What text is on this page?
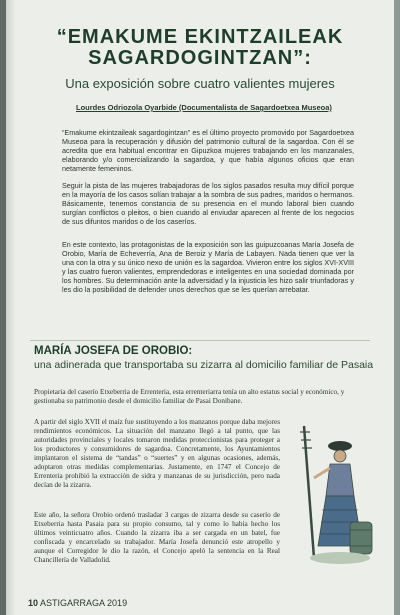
“EMAKUME EKINTZAILEAK
SAGARDOGINTZAN”:
Una exposición sobre cuatro valientes mujeres
Lourdes Odriozola Oyarbide (Documentalista de Sagardoetxea Museoa)
“Emakume ekintzaileak sagardogintzan” es el último proyecto promovido por Sagardoetxea Museoa para la recuperación y difusión del patrimonio cultural de la sagardoa. Con él se acredita que era habitual encontrar en Gipuzkoa mujeres trabajando en los manzanales, elaborando y/o comercializando la sagardoa, y que había algunos oficios que eran netamente femeninos.
Seguir la pista de las mujeres trabajadoras de los siglos pasados resulta muy difícil porque en la mayoría de los casos solían trabajar a la sombra de sus padres, maridos o hermanos. Básicamente, tenemos constancia de su presencia en el mundo laboral bien cuando surgían conflictos o pleitos, o bien cuando al enviudar aparecen al frente de los negocios de sus difuntos maridos o de los caseríos.
En este contexto, las protagonistas de la exposición son las guipuzcoanas María Josefa de Orobio, María de Echeverría, Ana de Beroiz y María de Labayen. Nada tienen que ver la una con la otra y su único nexo de unión es la sagardoa. Vivieron entre los siglos XVI-XVIII y las cuatro fueron valientes, emprendedoras e inteligentes en una sociedad dominada por los hombres. Su determinación ante la adversidad y la injusticia les hizo salir triunfadoras y les dio la posibilidad de defender unos derechos que se les querían arrebatar.
MARÍA JOSEFA DE OROBIO:
una adinerada que transportaba su zizarra al domicilio familiar de Pasaia
Propietaria del caserío Etxeberria de Errenteria, esta errenteriarra tenía un alto estatus social y económico, y gestionaba su patrimonio desde el domicilio familiar de Pasai Donibane.
A partir del siglo XVII el maíz fue sustituyendo a los manzanos porque daba mejores rendimientos económicos. La situación del manzano llegó a tal punto, que las autoridades provinciales y locales tomaron medidas proteccionistas para proteger a los productores y consumidores de sagardoa. Concretamente, los Ayuntamientos implantaron el sistema de “tandas” o “suertes” y en algunas ocasiones, además, adoptaron otras medidas complementarias. Justamente, en 1747 el Concejo de Errenteria prohibió la extracción de sidra y manzanas de su jurisdicción, pero nada decían de la zizarra.
Este año, la señora Orobio ordenó trasladar 3 cargas de zizarra desde su caserío de Etxeberria hasta Pasaia para su propio consumo, tal y como lo había hecho los últimos veinticuatro años. Cuando la zizarra iba a ser cargada en un batel, fue confiscada y encarcelado su trabajador. María Josefa denunció este atropello y aunque el Corregidor le dio la razón, el Concejo apeló la sentencia en la Real Chancillería de Valladolid.
10 ASTIGARRAGA 2019
